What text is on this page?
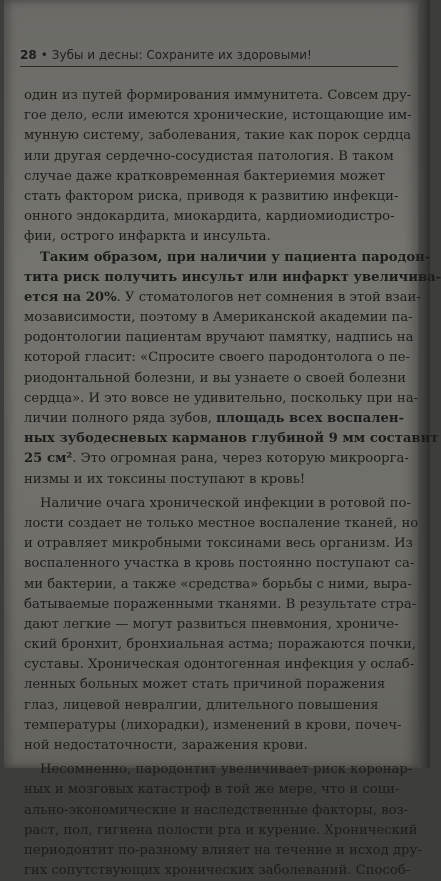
28 • Зубы и десны: Сохраните их здоровыми!
один из путей формирования иммунитета. Совсем дру-
гое дело, если имеются хронические, истощающие им-
мунную систему, заболевания, такие как порок сердца
или другая сердечно-сосудистая патология. В таком
случае даже кратковременная бактериемия может
стать фактором риска, приводя к развитию инфекци-
онного эндокардита, миокардита, кардиомиодистро-
фии, острого инфаркта и инсульта.
Таким образом, при наличии у пациента пародон-
тита риск получить инсульт или инфаркт увеличива-
ется на 20%. У стоматологов нет сомнения в этой взаи-
мозависимости, поэтому в Американской академии па-
родонтологии пациентам вручают памятку, надпись на
которой гласит: «Спросите своего пародонтолога о пе-
риодонтальной болезни, и вы узнаете о своей болезни
сердца». И это вовсе не удивительно, поскольку при на-
личии полного ряда зубов, площадь всех воспален-
ных зубодесневых карманов глубиной 9 мм составит
25 см². Это огромная рана, через которую микроорга-
низмы и их токсины поступают в кровь!
Наличие очага хронической инфекции в ротовой по-
лости создает не только местное воспаление тканей, но
и отравляет микробными токсинами весь организм. Из
воспаленного участка в кровь постоянно поступают са-
ми бактерии, а также «средства» борьбы с ними, выра-
батываемые пораженными тканями. В результате стра-
дают легкие — могут развиться пневмония, хрониче-
ский бронхит, бронхиальная астма; поражаются почки,
суставы. Хроническая одонтогенная инфекция у ослаб-
ленных больных может стать причиной поражения
глаз, лицевой невралгии, длительного повышения
температуры (лихорадки), изменений в крови, почеч-
ной недостаточности, заражения крови.
Несомненно, пародонтит увеличивает риск коронар-
ных и мозговых катастроф в той же мере, что и соци-
ально-экономические и наследственные факторы, воз-
раст, пол, гигиена полости рта и курение. Хронический
периодонтит по-разному влияет на течение и исход дру-
гих сопутствующих хронических заболеваний. Способ-
